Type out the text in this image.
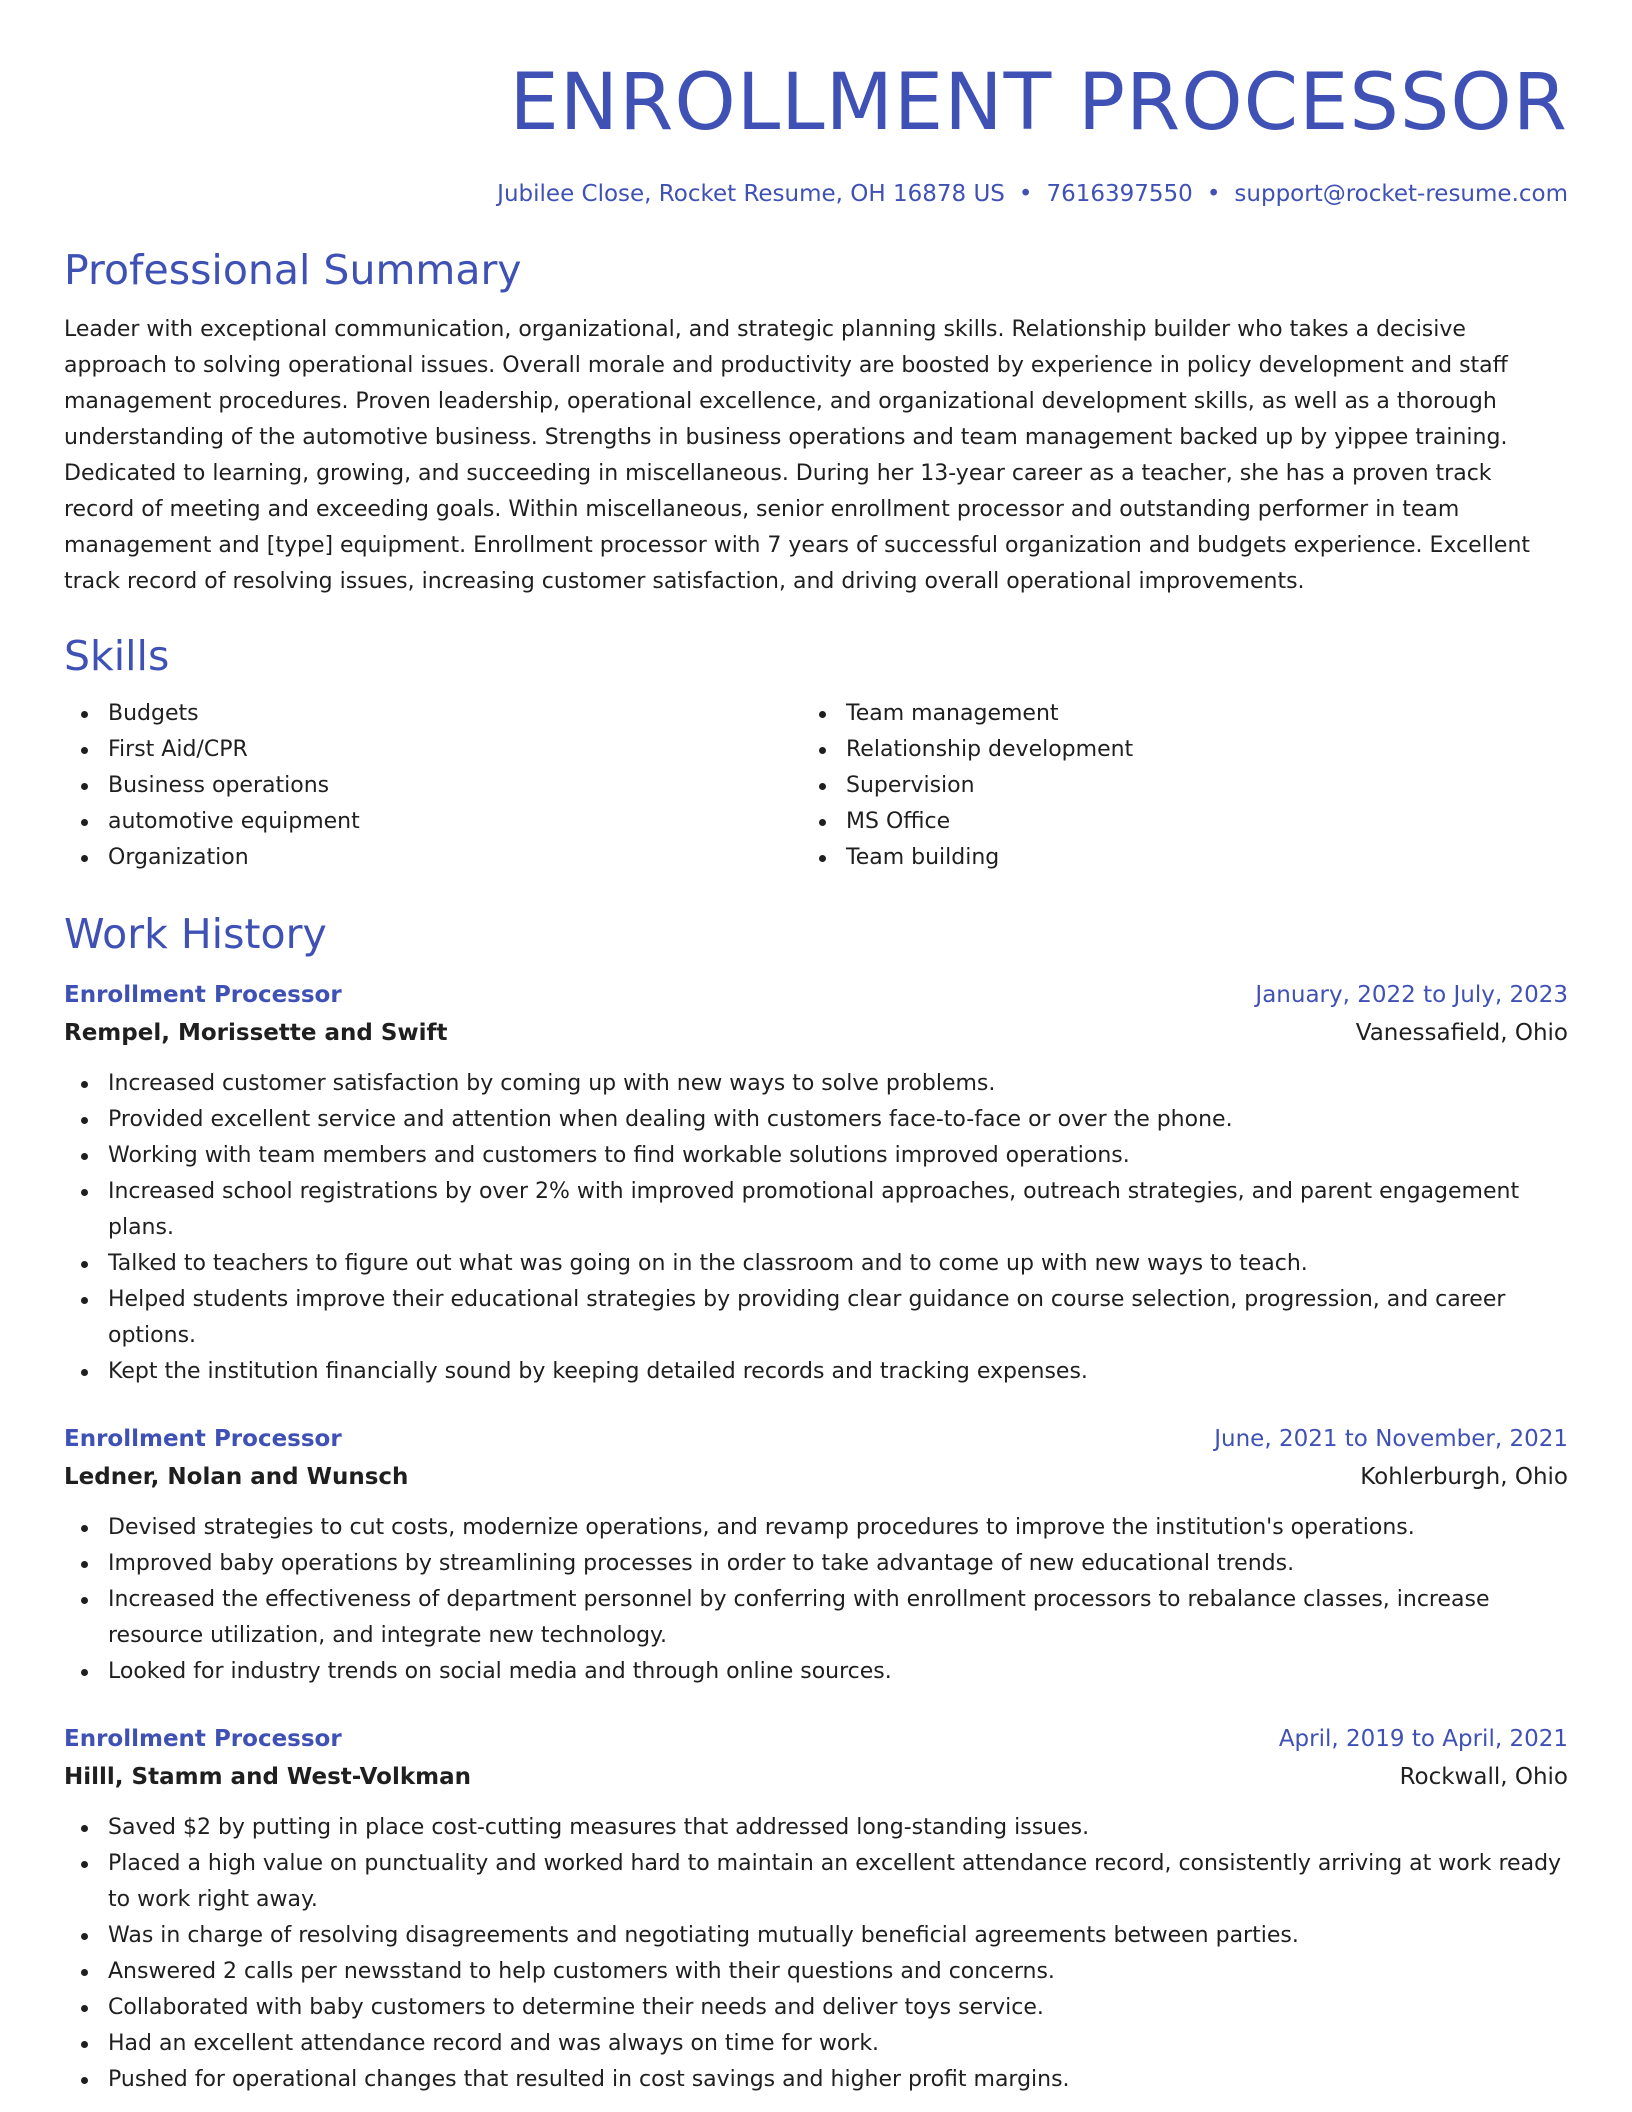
ENROLLMENT PROCESSOR
Jubilee Close, Rocket Resume, OH 16878 US • 7616397550 • support@rocket-resume.com
Professional Summary
Leader with exceptional communication, organizational, and strategic planning skills. Relationship builder who takes a decisive approach to solving operational issues. Overall morale and productivity are boosted by experience in policy development and staff management procedures. Proven leadership, operational excellence, and organizational development skills, as well as a thorough understanding of the automotive business. Strengths in business operations and team management backed up by yippee training. Dedicated to learning, growing, and succeeding in miscellaneous. During her 13-year career as a teacher, she has a proven track record of meeting and exceeding goals. Within miscellaneous, senior enrollment processor and outstanding performer in team management and [type] equipment. Enrollment processor with 7 years of successful organization and budgets experience. Excellent track record of resolving issues, increasing customer satisfaction, and driving overall operational improvements.
Skills
Budgets
First Aid/CPR
Business operations
automotive equipment
Organization
Team management
Relationship development
Supervision
MS Office
Team building
Work History
Enrollment Processor	January, 2022 to July, 2023
Rempel, Morissette and Swift	Vanessafield, Ohio
Increased customer satisfaction by coming up with new ways to solve problems.
Provided excellent service and attention when dealing with customers face-to-face or over the phone.
Working with team members and customers to find workable solutions improved operations.
Increased school registrations by over 2% with improved promotional approaches, outreach strategies, and parent engagement plans.
Talked to teachers to figure out what was going on in the classroom and to come up with new ways to teach.
Helped students improve their educational strategies by providing clear guidance on course selection, progression, and career options.
Kept the institution financially sound by keeping detailed records and tracking expenses.
Enrollment Processor	June, 2021 to November, 2021
Ledner, Nolan and Wunsch	Kohlerburgh, Ohio
Devised strategies to cut costs, modernize operations, and revamp procedures to improve the institution's operations.
Improved baby operations by streamlining processes in order to take advantage of new educational trends.
Increased the effectiveness of department personnel by conferring with enrollment processors to rebalance classes, increase resource utilization, and integrate new technology.
Looked for industry trends on social media and through online sources.
Enrollment Processor	April, 2019 to April, 2021
Hilll, Stamm and West-Volkman	Rockwall, Ohio
Saved $2 by putting in place cost-cutting measures that addressed long-standing issues.
Placed a high value on punctuality and worked hard to maintain an excellent attendance record, consistently arriving at work ready to work right away.
Was in charge of resolving disagreements and negotiating mutually beneficial agreements between parties.
Answered 2 calls per newsstand to help customers with their questions and concerns.
Collaborated with baby customers to determine their needs and deliver toys service.
Had an excellent attendance record and was always on time for work.
Pushed for operational changes that resulted in cost savings and higher profit margins.
